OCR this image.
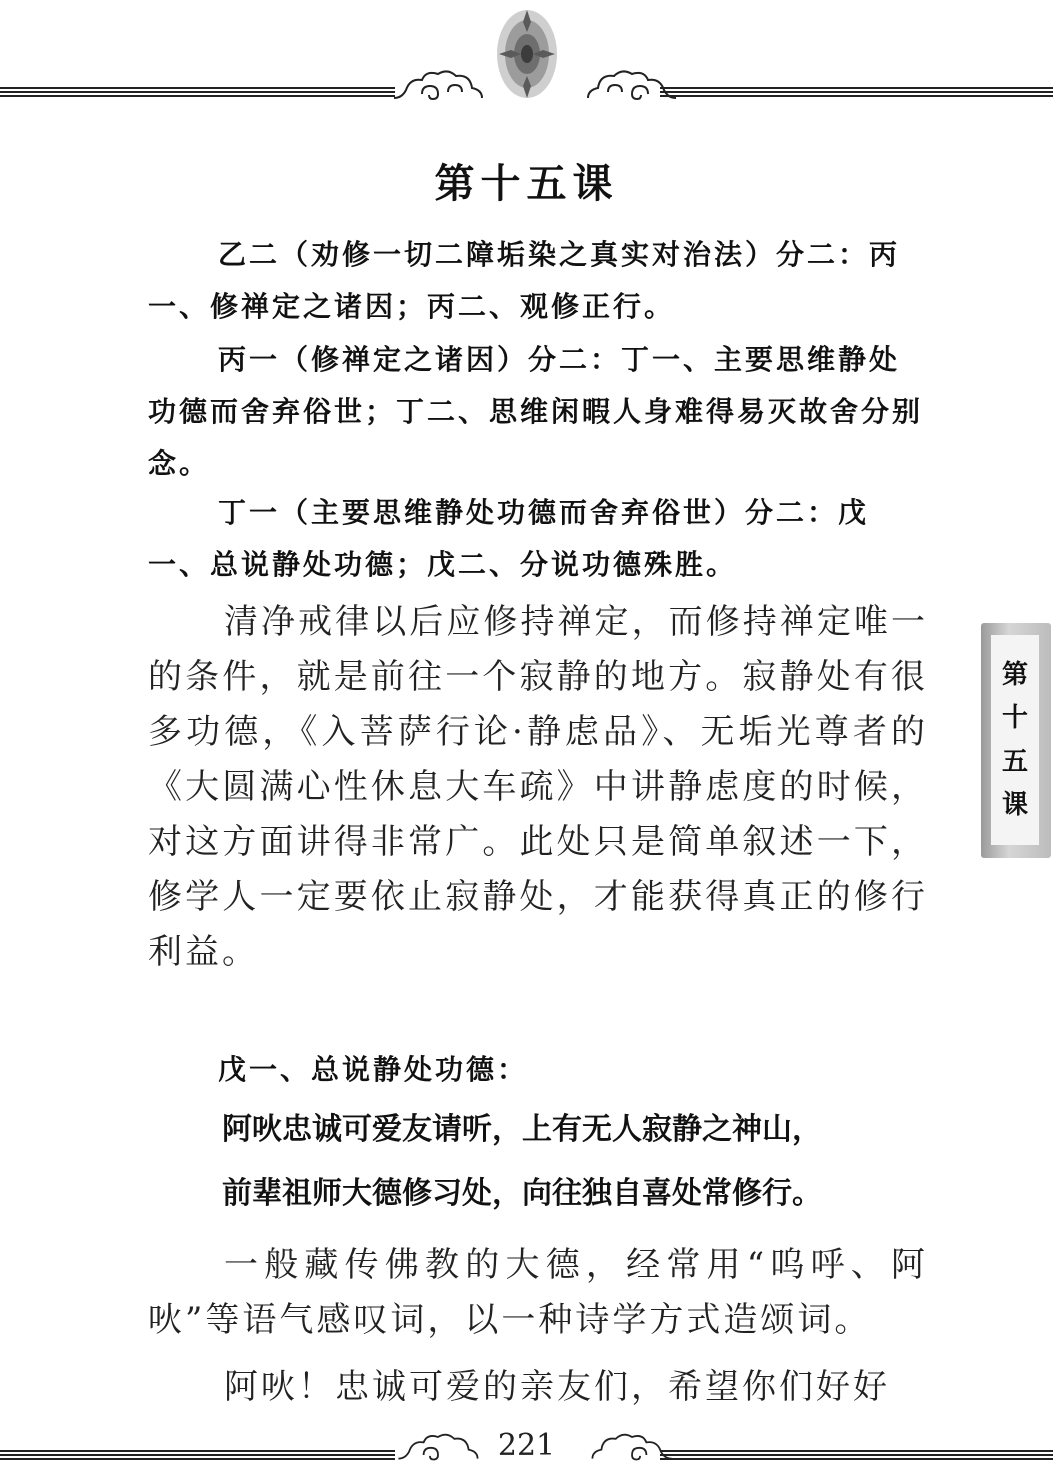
第十五课
乙二（劝修一切二障垢染之真实对治法）分二：丙一、修禅定之诸因；丙二、观修正行。
丙一（修禅定之诸因）分二：丁一、主要思维静处功德而舍弃俗世；丁二、思维闲暇人身难得易灭故舍分别念。
丁一（主要思维静处功德而舍弃俗世）分二：戊一、总说静处功德；戊二、分说功德殊胜。
清净戒律以后应修持禅定，而修持禅定唯一的条件，就是前往一个寂静的地方。寂静处有很多功德，《入菩萨行论·静虑品》、无垢光尊者的《大圆满心性休息大车疏》中讲静虑度的时候，对这方面讲得非常广。此处只是简单叙述一下，修学人一定要依止寂静处，才能获得真正的修行利益。
戊一、总说静处功德：
阿吙忠诚可爱友请听，上有无人寂静之神山，
前辈祖师大德修习处，向往独自喜处常修行。
一般藏传佛教的大德，经常用“呜呼、阿吙”等语气感叹词，以一种诗学方式造颂词。
阿吙！忠诚可爱的亲友们，希望你们好好
第
十
五
课
221
